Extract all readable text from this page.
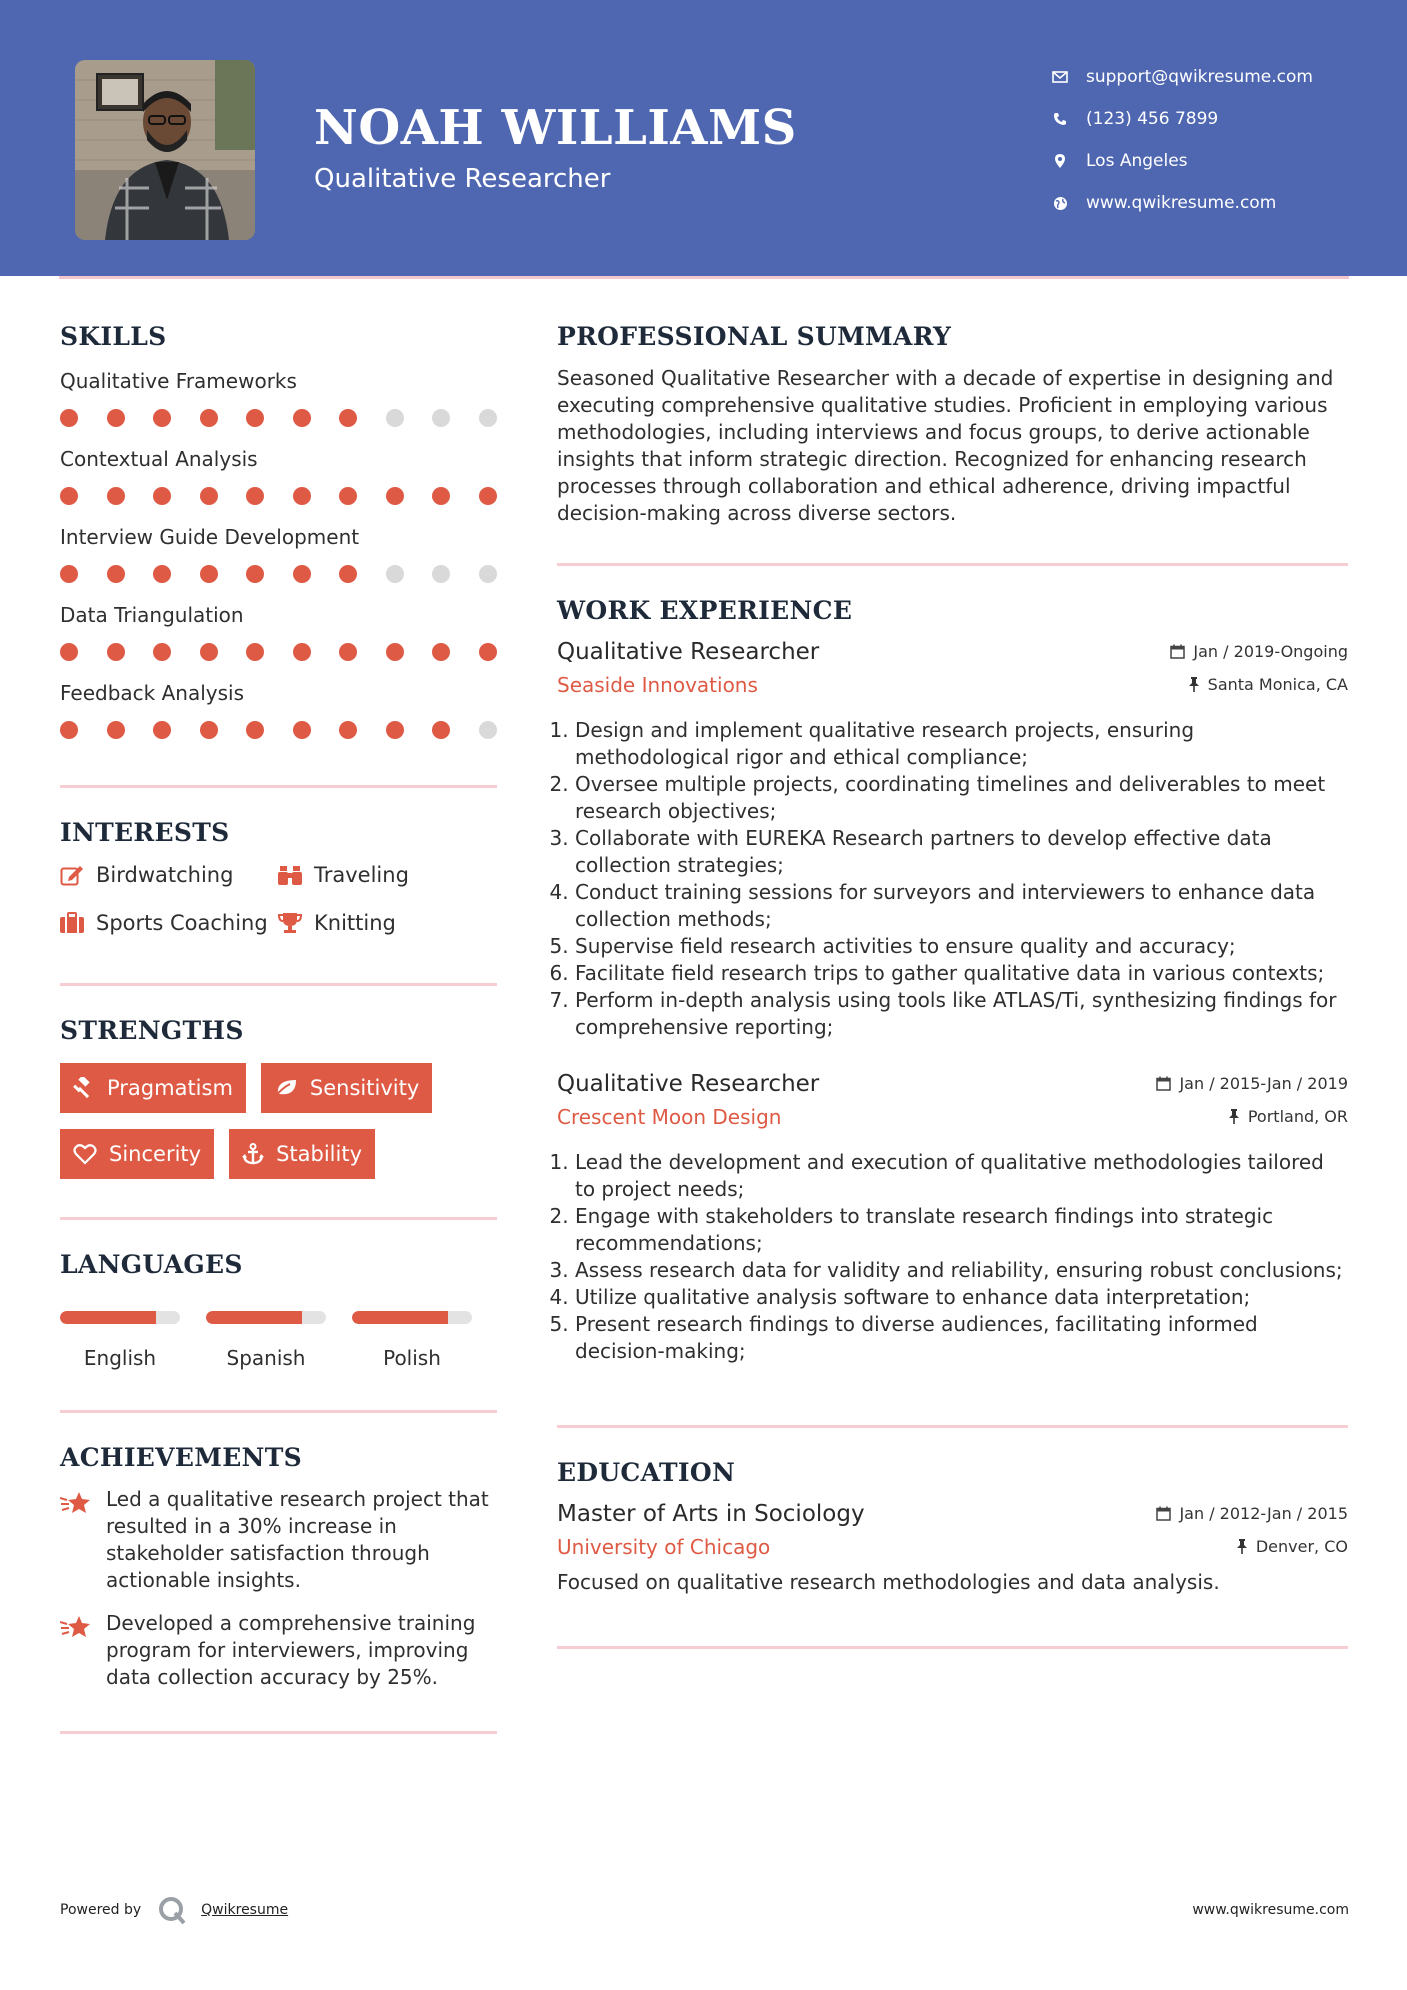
NOAH WILLIAMS
Qualitative Researcher
support@qwikresume.com
(123) 456 7899
Los Angeles
www.qwikresume.com
SKILLS
Qualitative Frameworks
Contextual Analysis
Interview Guide Development
Data Triangulation
Feedback Analysis
INTERESTS
Birdwatching	Traveling
Sports Coaching Knitting
STRENGTHS
Pragmatism	Sensitivity
Sincerity	Stability
LANGUAGES
English	Spanish	Polish
ACHIEVEMENTS

Led a qualitative research project that resulted in a 30% increase in stakeholder satisfaction through actionable insights.

Developed a comprehensive training program for interviewers, improving data collection accuracy by 25%.

PROFESSIONAL SUMMARY

Seasoned Qualitative Researcher with a decade of expertise in designing and executing comprehensive qualitative studies. Proficient in employing various methodologies, including interviews and focus groups, to derive actionable insights that inform strategic direction. Recognized for enhancing research processes through collaboration and ethical adherence, driving impactful decision-making across diverse sectors.

WORK EXPERIENCE
Qualitative Researcher	Jan / 2019-Ongoing
Seaside Innovations	Santa Monica, CA
1. Design and implement qualitative research projects, ensuring methodological rigor and ethical compliance;
2. Oversee multiple projects, coordinating timelines and deliverables to meet research objectives;
3. Collaborate with EUREKA Research partners to develop effective data collection strategies;
4. Conduct training sessions for surveyors and interviewers to enhance data collection methods;
5. Supervise field research activities to ensure quality and accuracy;
6. Facilitate field research trips to gather qualitative data in various contexts;
7. Perform in-depth analysis using tools like ATLAS/Ti, synthesizing findings for comprehensive reporting;
Qualitative Researcher	Jan / 2015-Jan / 2019
Crescent Moon Design	Portland, OR
1. Lead the development and execution of qualitative methodologies tailored to project needs;
2. Engage with stakeholders to translate research findings into strategic recommendations;
3. Assess research data for validity and reliability, ensuring robust conclusions;
4. Utilize qualitative analysis software to enhance data interpretation;
5. Present research findings to diverse audiences, facilitating informed decision-making;
EDUCATION
Master of Arts in Sociology	Jan / 2012-Jan / 2015
University of Chicago	Denver, CO

Focused on qualitative research methodologies and data analysis.

Powered by	Qwikresume	www.qwikresume.com
